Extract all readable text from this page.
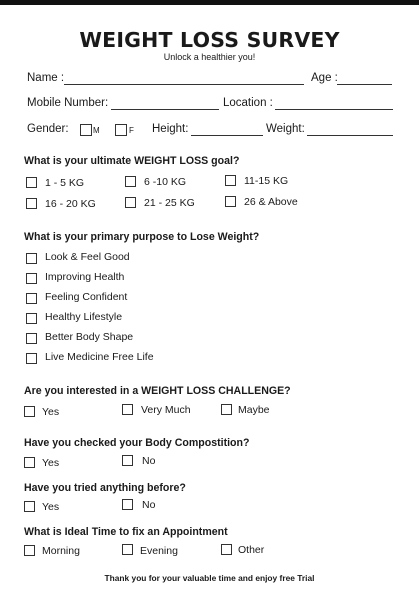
WEIGHT LOSS SURVEY
Unlock a healthier you!
Name :	Age :
Mobile Number:	Location :
Gender:	M	F Height:	Weight:
What is your ultimate WEIGHT LOSS goal?
1 - 5 KG	6 -10 KG	11-15 KG
16 - 20 KG	21 - 25 KG	26 & Above
What is your primary purpose to Lose Weight?
Look & Feel Good
Improving Health
Feeling Confident
Healthy Lifestyle
Better Body Shape
Live Medicine Free Life
Are you interested in a WEIGHT LOSS CHALLENGE?
Yes	Very Much	Maybe
Have you checked your Body Compostition?
Yes	No
Have you tried anything before?
Yes	No
What is Ideal Time to fix an Appointment
Morning	Evening	Other
Thank you for your valuable time and enjoy free Trial
